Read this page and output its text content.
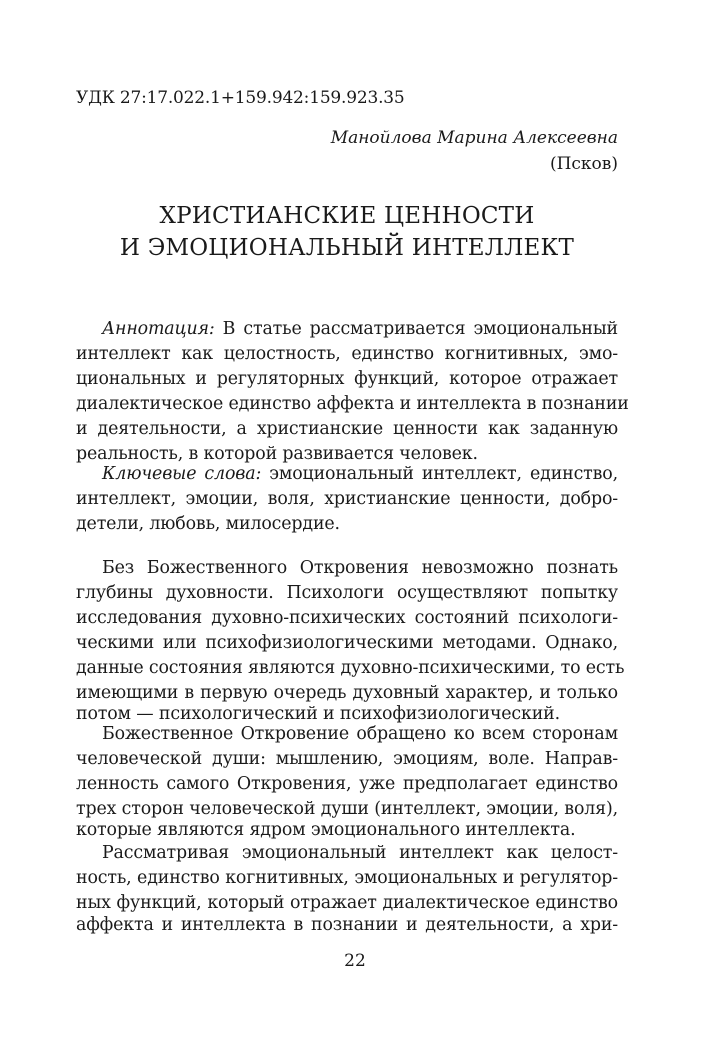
УДК 27:17.022.1+159.942:159.923.35
Манойлова Марина Алексеевна
(Псков)
ХРИСТИАНСКИЕ ЦЕННОСТИ
И ЭМОЦИОНАЛЬНЫЙ ИНТЕЛЛЕКТ
Аннотация: В статье рассматривается эмоциональный
интеллект как целостность, единство когнитивных, эмо-
циональных и регуляторных функций, которое отражает
диалектическое единство аффекта и интеллекта в познании
и деятельности, а христианские ценности как заданную
реальность, в которой развивается человек.
Ключевые слова: эмоциональный интеллект, единство,
интеллект, эмоции, воля, христианские ценности, добро-
детели, любовь, милосердие.
Без Божественного Откровения невозможно познать
глубины духовности. Психологи осуществляют попытку
исследования духовно-психических состояний психологи-
ческими или психофизиологическими методами. Однако,
данные состояния являются духовно-психическими, то есть
имеющими в первую очередь духовный характер, и только
потом — психологический и психофизиологический.
Божественное Откровение обращено ко всем сторонам
человеческой души: мышлению, эмоциям, воле. Направ-
ленность самого Откровения, уже предполагает единство
трех сторон человеческой души (интеллект, эмоции, воля),
которые являются ядром эмоционального интеллекта.
Рассматривая эмоциональный интеллект как целост-
ность, единство когнитивных, эмоциональных и регулятор-
ных функций, который отражает диалектическое единство
аффекта и интеллекта в познании и деятельности, а хри-
22
